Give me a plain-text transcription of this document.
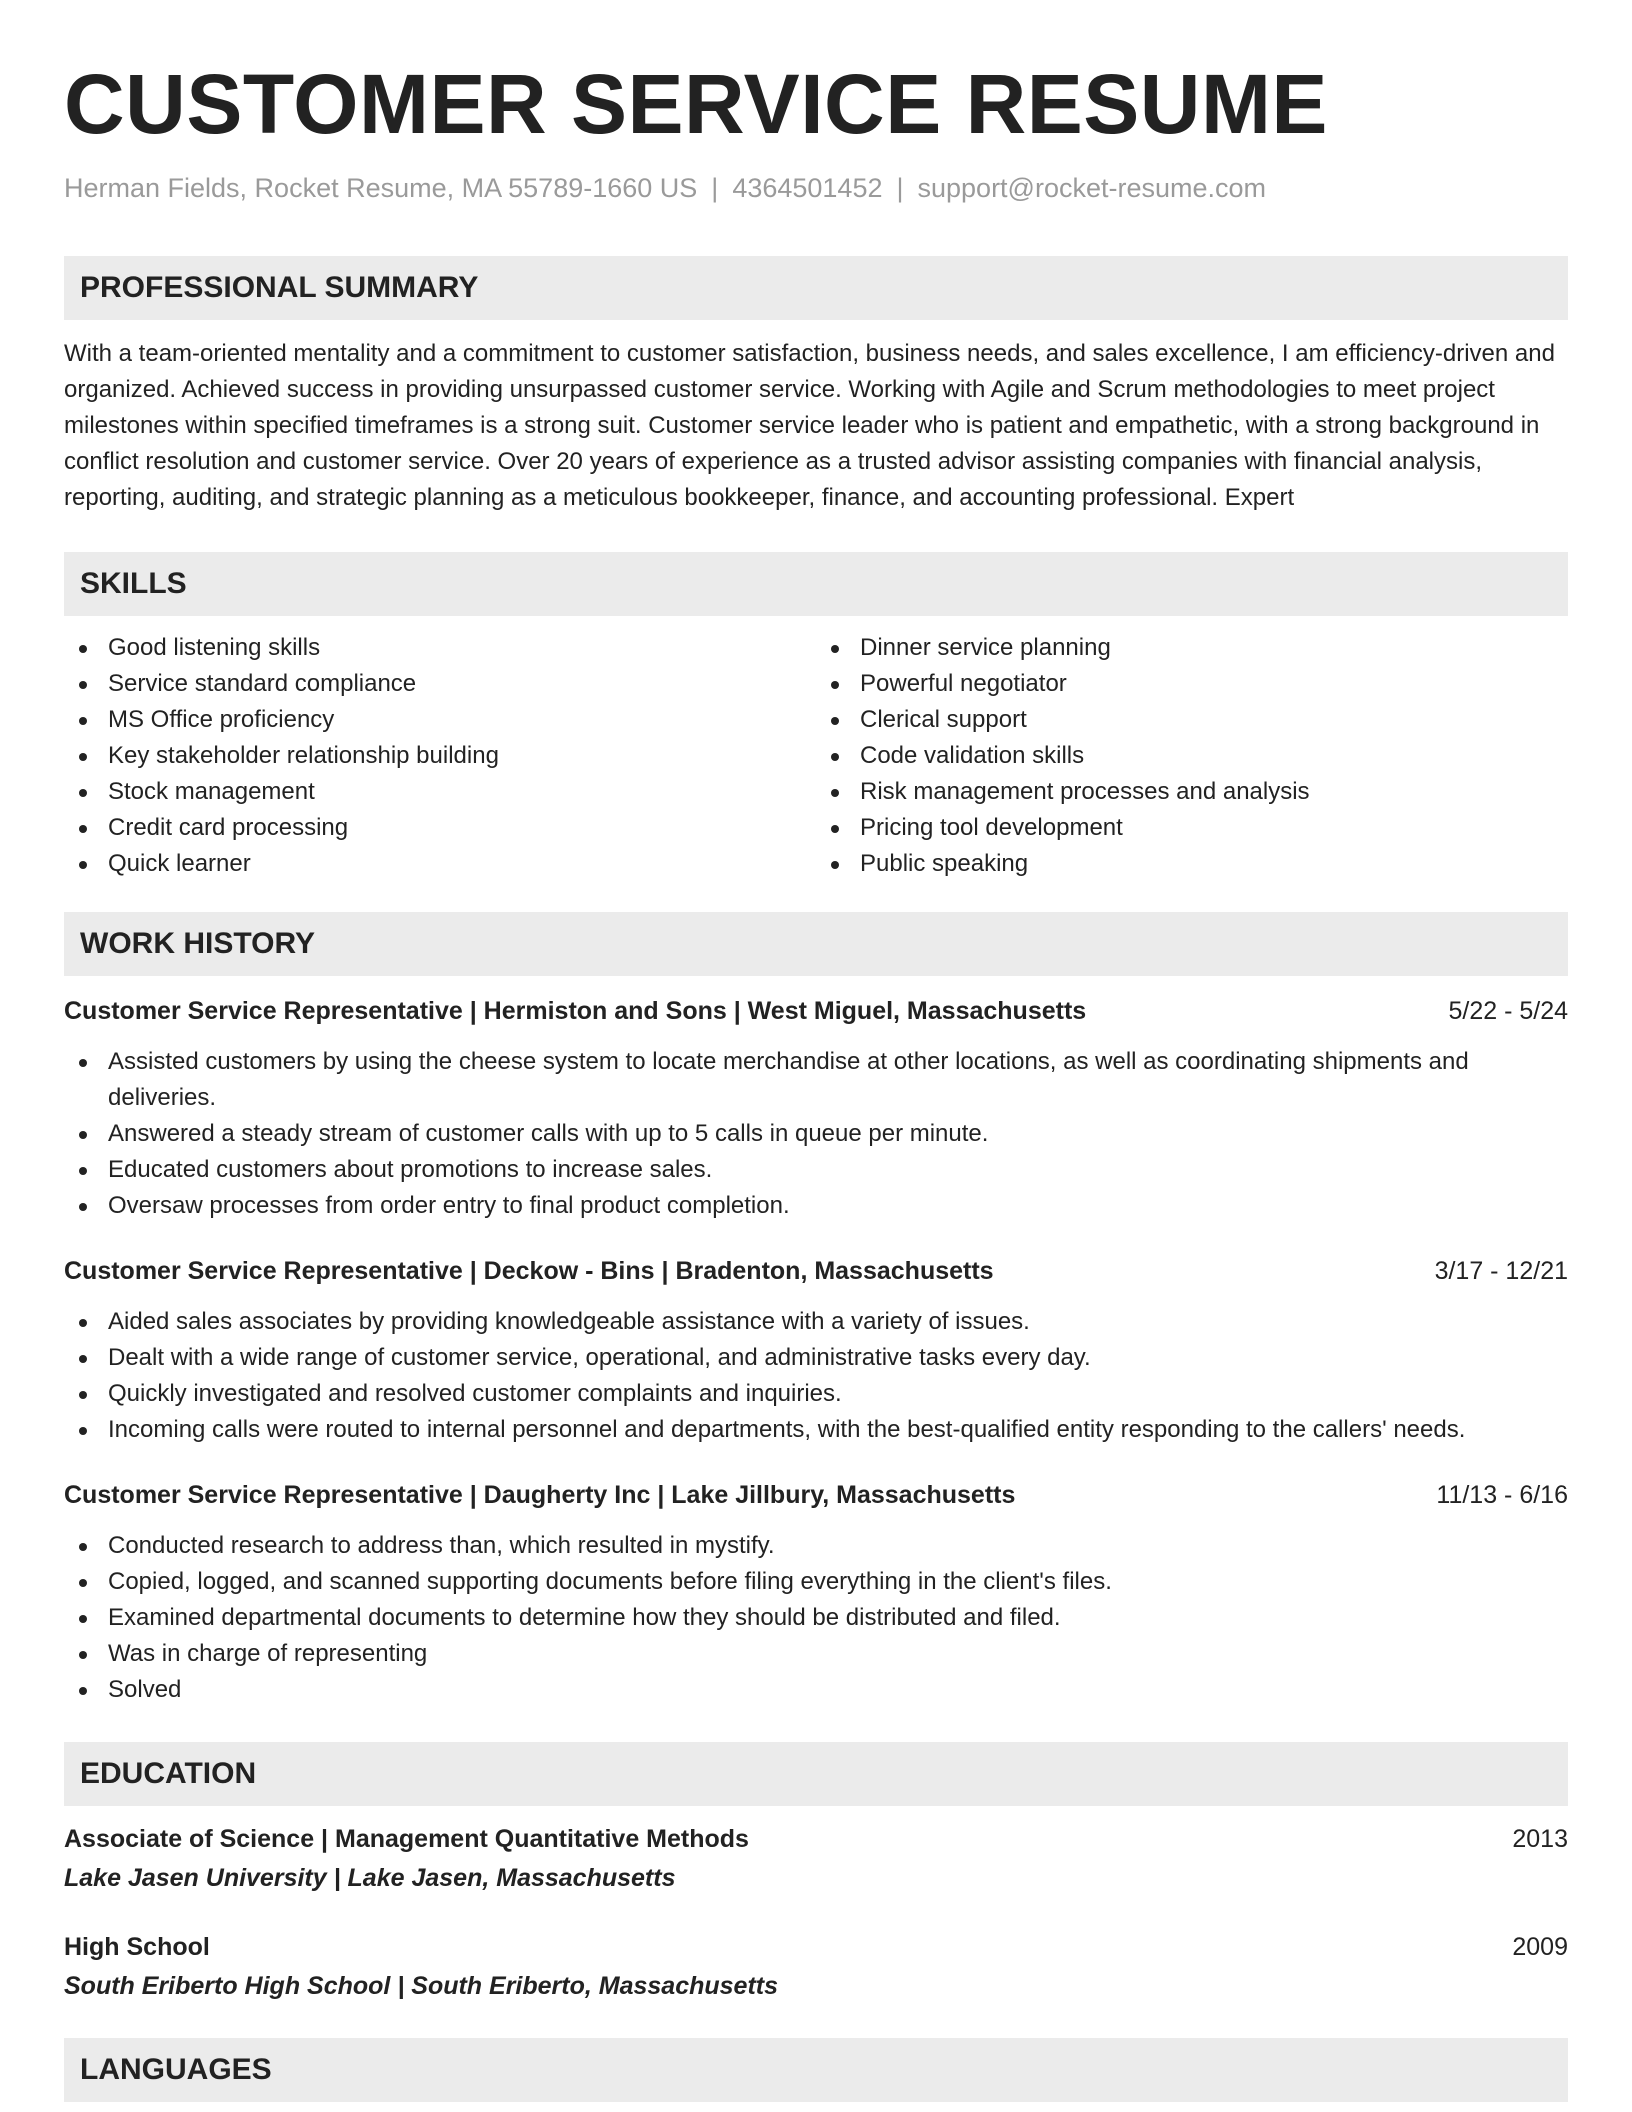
CUSTOMER SERVICE RESUME
Herman Fields, Rocket Resume, MA 55789-1660 US | 4364501452 | support@rocket-resume.com
PROFESSIONAL SUMMARY

With a team-oriented mentality and a commitment to customer satisfaction, business needs, and sales excellence, I am efficiency-driven and organized. Achieved success in providing unsurpassed customer service. Working with Agile and Scrum methodologies to meet project milestones within specified timeframes is a strong suit. Customer service leader who is patient and empathetic, with a strong background in conflict resolution and customer service. Over 20 years of experience as a trusted advisor assisting companies with financial analysis, reporting, auditing, and strategic planning as a meticulous bookkeeper, finance, and accounting professional. Expert

SKILLS
Good listening skills
Service standard compliance
MS Office proficiency
Key stakeholder relationship building
Stock management
Credit card processing
Quick learner
Dinner service planning
Powerful negotiator
Clerical support
Code validation skills
Risk management processes and analysis
Pricing tool development
Public speaking
WORK HISTORY
Customer Service Representative | Hermiston and Sons | West Miguel, Massachusetts	5/22 - 5/24
Assisted customers by using the cheese system to locate merchandise at other locations, as well as coordinating shipments and deliveries.
Answered a steady stream of customer calls with up to 5 calls in queue per minute.
Educated customers about promotions to increase sales.
Oversaw processes from order entry to final product completion.
Customer Service Representative | Deckow - Bins | Bradenton, Massachusetts	3/17 - 12/21
Aided sales associates by providing knowledgeable assistance with a variety of issues.
Dealt with a wide range of customer service, operational, and administrative tasks every day.
Quickly investigated and resolved customer complaints and inquiries.
Incoming calls were routed to internal personnel and departments, with the best-qualified entity responding to the callers' needs.
Customer Service Representative | Daugherty Inc | Lake Jillbury, Massachusetts	11/13 - 6/16
Conducted research to address than, which resulted in mystify.
Copied, logged, and scanned supporting documents before filing everything in the client's files.
Examined departmental documents to determine how they should be distributed and filed.
Was in charge of representing
Solved
EDUCATION
Associate of Science | Management Quantitative Methods	2013
Lake Jasen University | Lake Jasen, Massachusetts
High School	2009
South Eriberto High School | South Eriberto, Massachusetts
LANGUAGES
